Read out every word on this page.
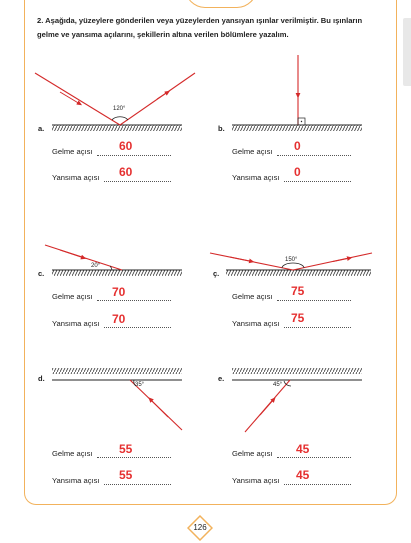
2. Aşağıda, yüzeylere gönderilen veya yüzeylerden yansıyan ışınlar verilmiştir. Bu ışınların gelme ve yansıma açılarını, şekillerin altına verilen bölümlere yazalım.
a.	b.
c.	ç.
d.	e.
120°
20°
150°
35°	45°
Gelme açısı 60
Yansıma açısı 60
Gelme açısı 0
Yansıma açısı 0
Gelme açısı 70
Yansıma açısı 70
Gelme açısı 75
Yansıma açısı 75
Gelme açısı 55
Yansıma açısı 55
Gelme açısı 45
Yansıma açısı 45
126
